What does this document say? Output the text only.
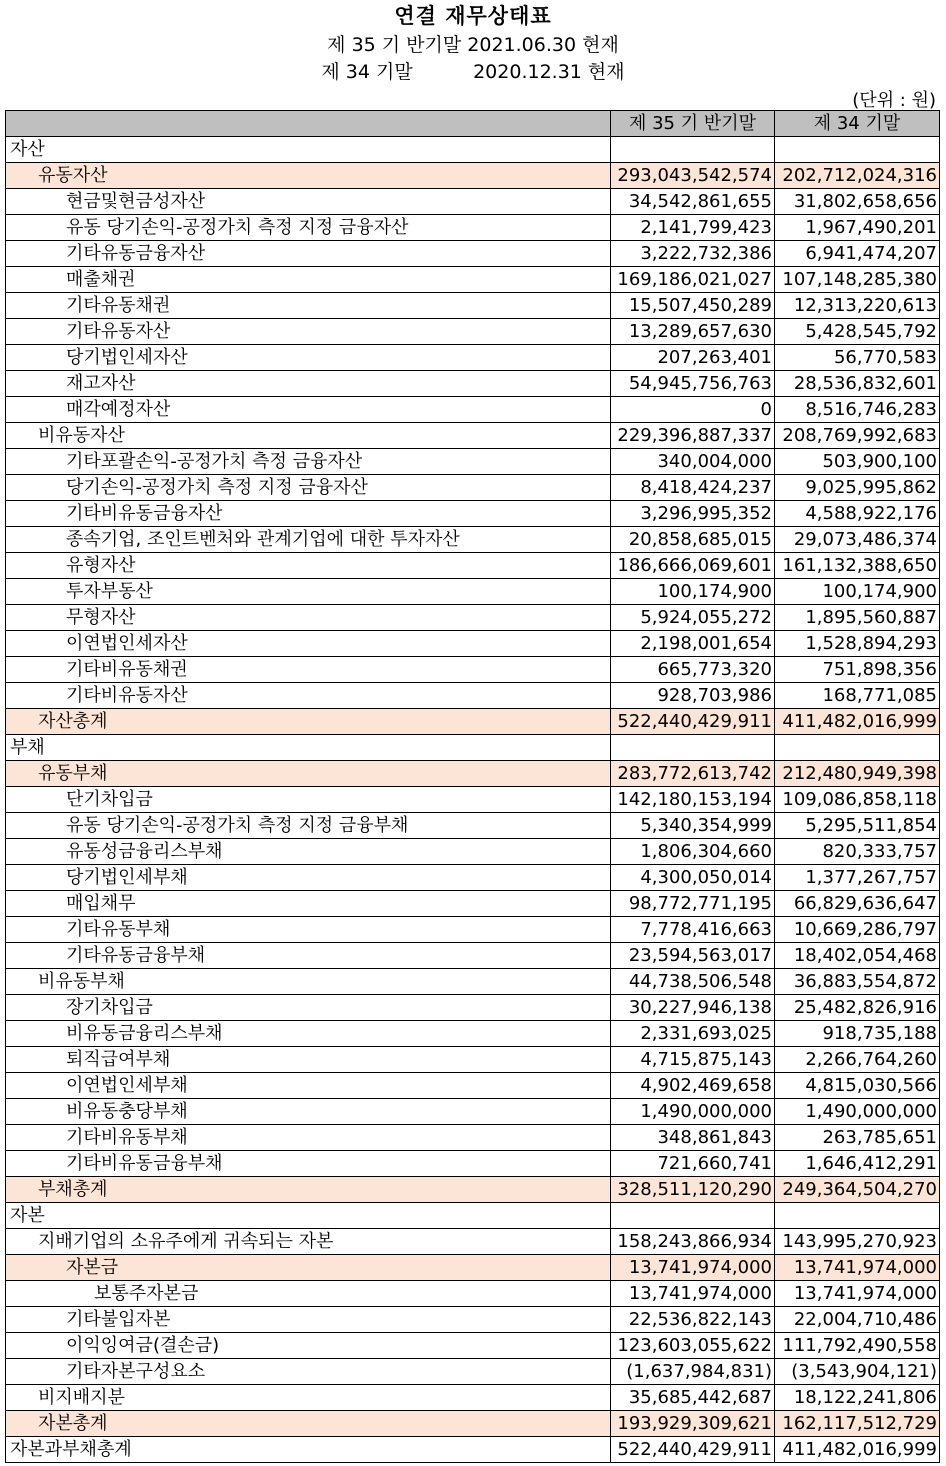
연결 재무상태표
제 35 기 반기말 2021.06.30 현재
제 34 기말          2020.12.31 현재
(단위 : 원)
	제 35 기 반기말	제 34 기말
자산		
유동자산	293,043,542,574	202,712,024,316
현금및현금성자산	34,542,861,655	31,802,658,656
유동 당기손익-공정가치 측정 지정 금융자산	2,141,799,423	1,967,490,201
기타유동금융자산	3,222,732,386	6,941,474,207
매출채권	169,186,021,027	107,148,285,380
기타유동채권	15,507,450,289	12,313,220,613
기타유동자산	13,289,657,630	5,428,545,792
당기법인세자산	207,263,401	56,770,583
재고자산	54,945,756,763	28,536,832,601
매각예정자산	0	8,516,746,283
비유동자산	229,396,887,337	208,769,992,683
기타포괄손익-공정가치 측정 금융자산	340,004,000	503,900,100
당기손익-공정가치 측정 지정 금융자산	8,418,424,237	9,025,995,862
기타비유동금융자산	3,296,995,352	4,588,922,176
종속기업, 조인트벤처와 관계기업에 대한 투자자산	20,858,685,015	29,073,486,374
유형자산	186,666,069,601	161,132,388,650
투자부동산	100,174,900	100,174,900
무형자산	5,924,055,272	1,895,560,887
이연법인세자산	2,198,001,654	1,528,894,293
기타비유동채권	665,773,320	751,898,356
기타비유동자산	928,703,986	168,771,085
자산총계	522,440,429,911	411,482,016,999
부채		
유동부채	283,772,613,742	212,480,949,398
단기차입금	142,180,153,194	109,086,858,118
유동 당기손익-공정가치 측정 지정 금융부채	5,340,354,999	5,295,511,854
유동성금융리스부채	1,806,304,660	820,333,757
당기법인세부채	4,300,050,014	1,377,267,757
매입채무	98,772,771,195	66,829,636,647
기타유동부채	7,778,416,663	10,669,286,797
기타유동금융부채	23,594,563,017	18,402,054,468
비유동부채	44,738,506,548	36,883,554,872
장기차입금	30,227,946,138	25,482,826,916
비유동금융리스부채	2,331,693,025	918,735,188
퇴직급여부채	4,715,875,143	2,266,764,260
이연법인세부채	4,902,469,658	4,815,030,566
비유동충당부채	1,490,000,000	1,490,000,000
기타비유동부채	348,861,843	263,785,651
기타비유동금융부채	721,660,741	1,646,412,291
부채총계	328,511,120,290	249,364,504,270
자본		
지배기업의 소유주에게 귀속되는 자본	158,243,866,934	143,995,270,923
자본금	13,741,974,000	13,741,974,000
보통주자본금	13,741,974,000	13,741,974,000
기타불입자본	22,536,822,143	22,004,710,486
이익잉여금(결손금)	123,603,055,622	111,792,490,558
기타자본구성요소	(1,637,984,831)	(3,543,904,121)
비지배지분	35,685,442,687	18,122,241,806
자본총계	193,929,309,621	162,117,512,729
자본과부채총계	522,440,429,911	411,482,016,999
